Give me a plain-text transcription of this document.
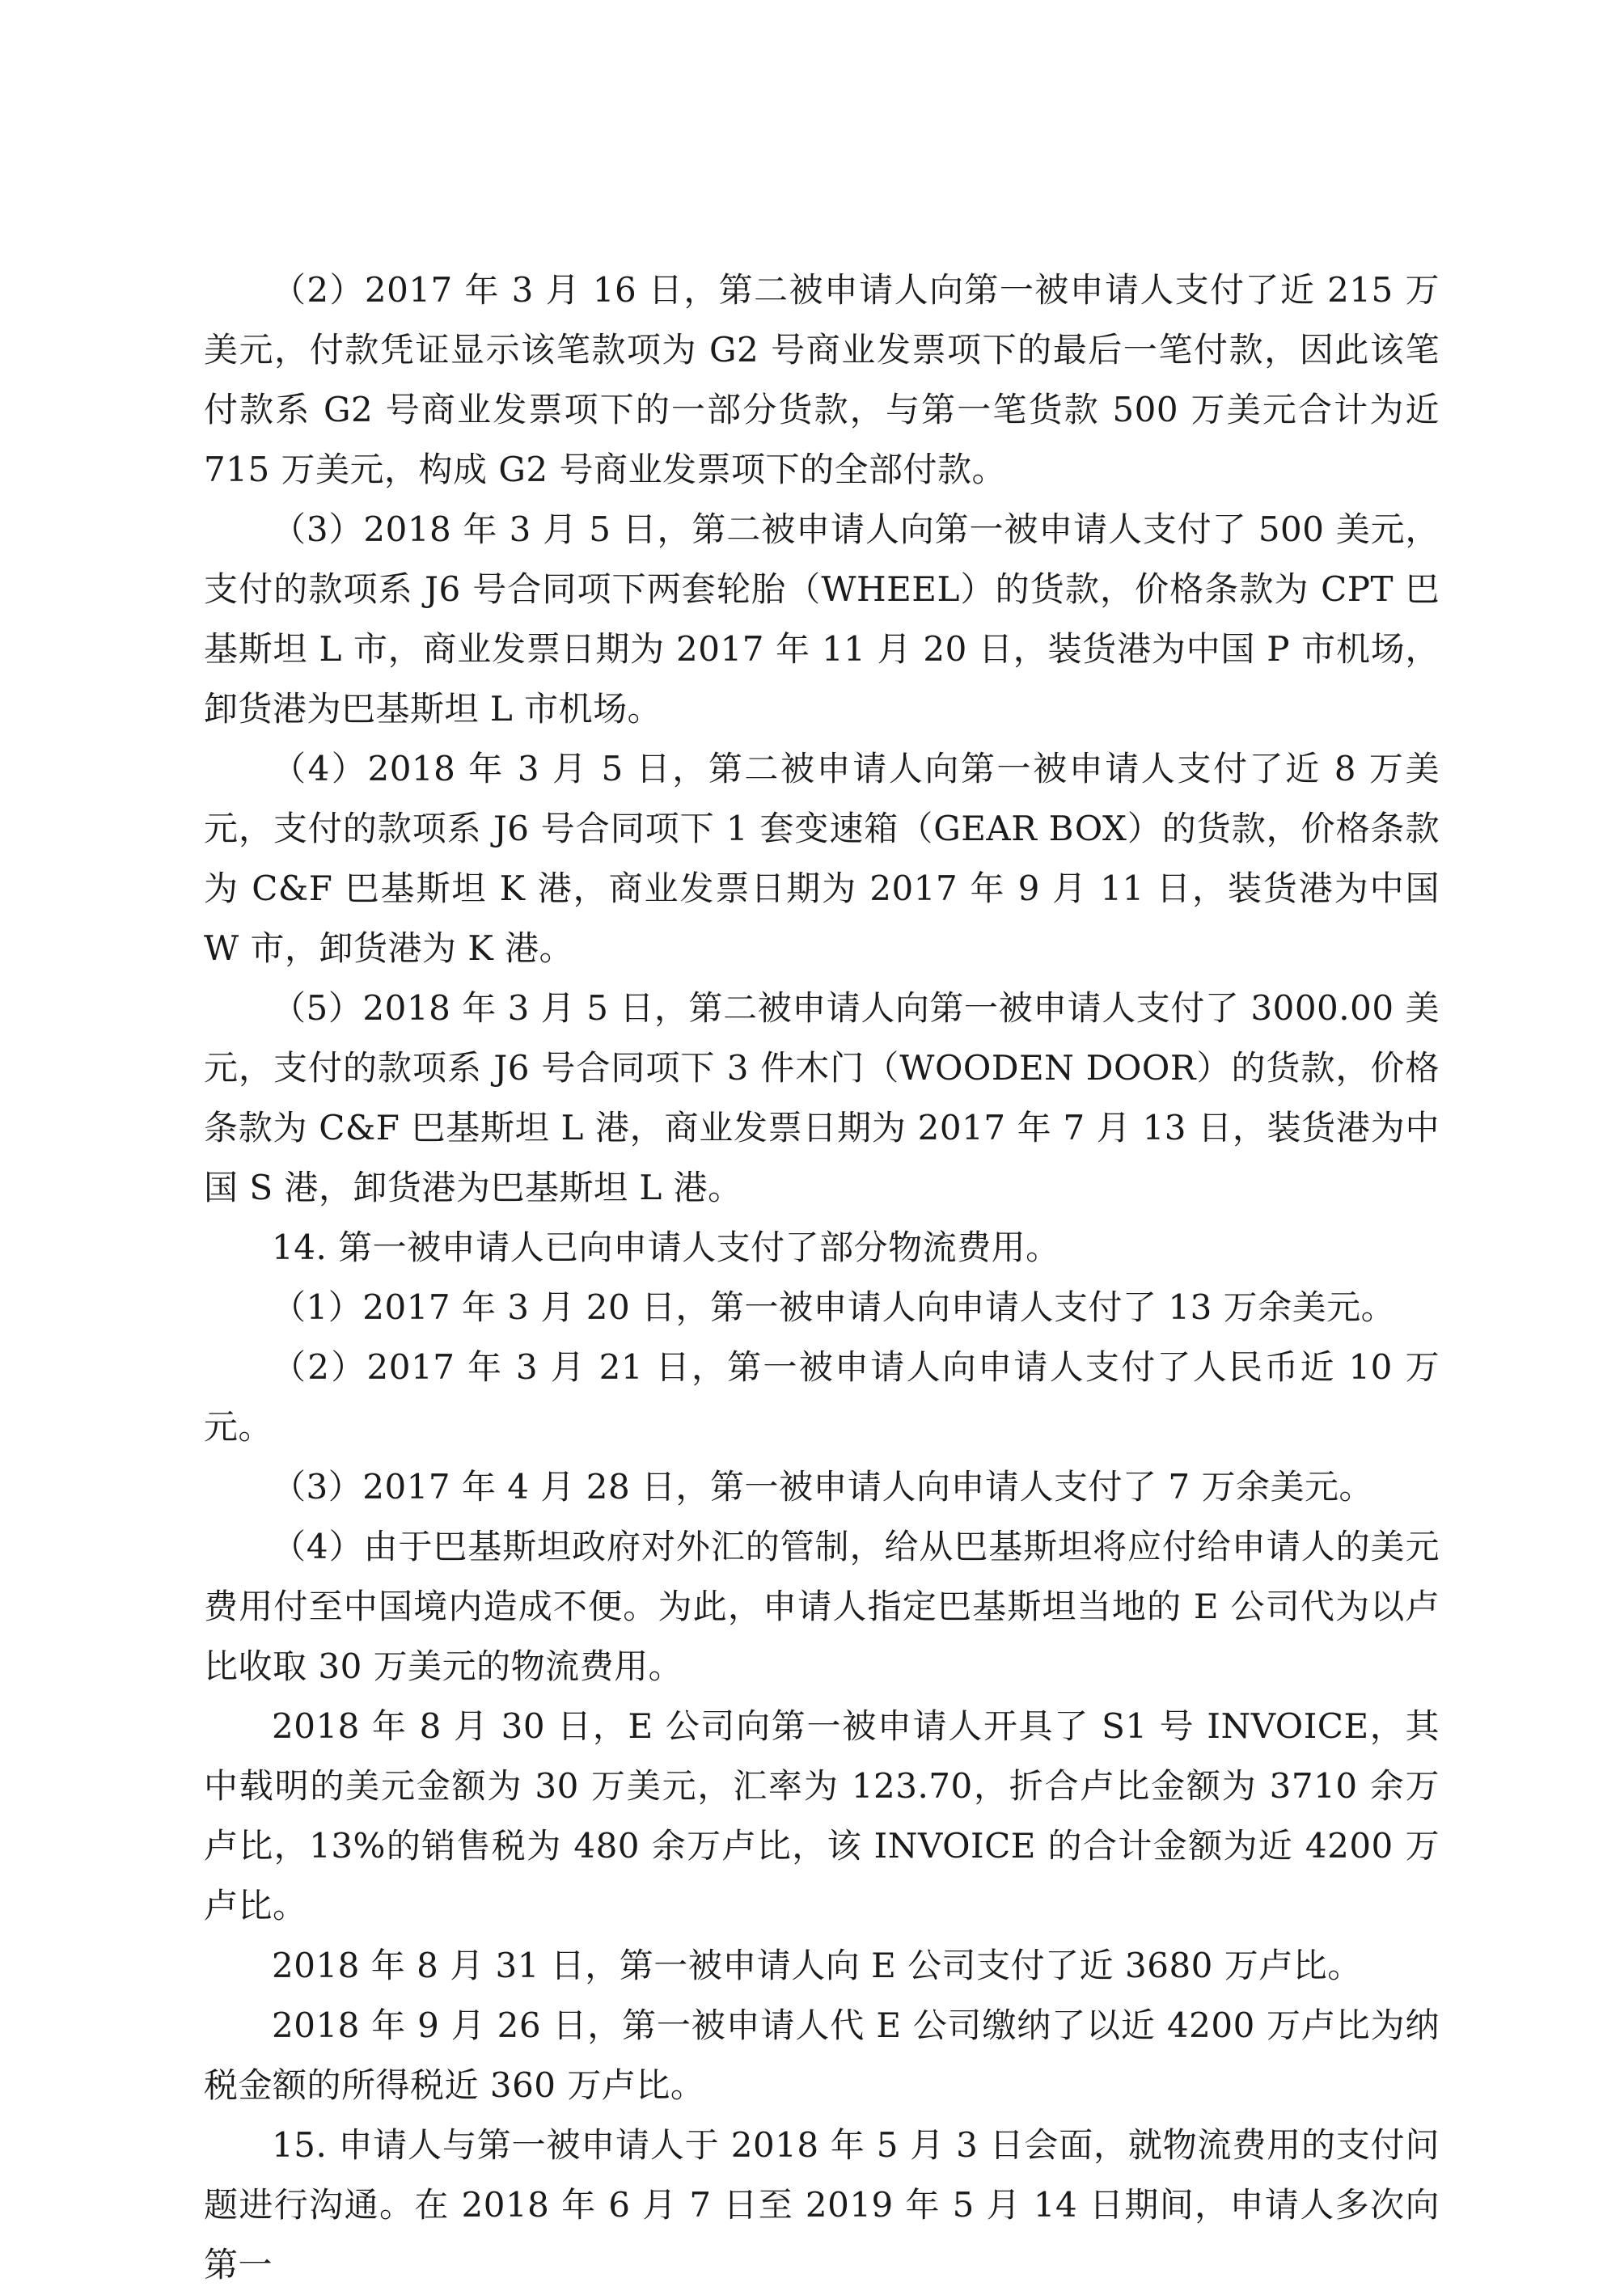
（2）2017 年 3 月 16 日，第二被申请人向第一被申请人支付了近 215 万美元，付款凭证显示该笔款项为 G2 号商业发票项下的最后一笔付款，因此该笔付款系 G2 号商业发票项下的一部分货款，与第一笔货款 500 万美元合计为近 715 万美元，构成 G2 号商业发票项下的全部付款。

（3）2018 年 3 月 5 日，第二被申请人向第一被申请人支付了 500 美元，支付的款项系 J6 号合同项下两套轮胎（WHEEL）的货款，价格条款为 CPT 巴基斯坦 L 市，商业发票日期为 2017 年 11 月 20 日，装货港为中国 P 市机场，卸货港为巴基斯坦 L 市机场。

（4）2018 年 3 月 5 日，第二被申请人向第一被申请人支付了近 8 万美元，支付的款项系 J6 号合同项下 1 套变速箱（GEAR BOX）的货款，价格条款为 C&F 巴基斯坦 K 港，商业发票日期为 2017 年 9 月 11 日，装货港为中国 W 市，卸货港为 K 港。

（5）2018 年 3 月 5 日，第二被申请人向第一被申请人支付了 3000.00 美元，支付的款项系 J6 号合同项下 3 件木门（WOODEN DOOR）的货款，价格条款为 C&F 巴基斯坦 L 港，商业发票日期为 2017 年 7 月 13 日，装货港为中国 S 港，卸货港为巴基斯坦 L 港。

14. 第一被申请人已向申请人支付了部分物流费用。

（1）2017 年 3 月 20 日，第一被申请人向申请人支付了 13 万余美元。

（2）2017 年 3 月 21 日，第一被申请人向申请人支付了人民币近 10 万元。

（3）2017 年 4 月 28 日，第一被申请人向申请人支付了 7 万余美元。

（4）由于巴基斯坦政府对外汇的管制，给从巴基斯坦将应付给申请人的美元费用付至中国境内造成不便。为此，申请人指定巴基斯坦当地的 E 公司代为以卢比收取 30 万美元的物流费用。

2018 年 8 月 30 日，E 公司向第一被申请人开具了 S1 号 INVOICE，其中载明的美元金额为 30 万美元，汇率为 123.70，折合卢比金额为 3710 余万卢比，13%的销售税为 480 余万卢比，该 INVOICE 的合计金额为近 4200 万卢比。

2018 年 8 月 31 日，第一被申请人向 E 公司支付了近 3680 万卢比。

2018 年 9 月 26 日，第一被申请人代 E 公司缴纳了以近 4200 万卢比为纳税金额的所得税近 360 万卢比。

15. 申请人与第一被申请人于 2018 年 5 月 3 日会面，就物流费用的支付问题进行沟通。在 2018 年 6 月 7 日至 2019 年 5 月 14 日期间，申请人多次向第一
